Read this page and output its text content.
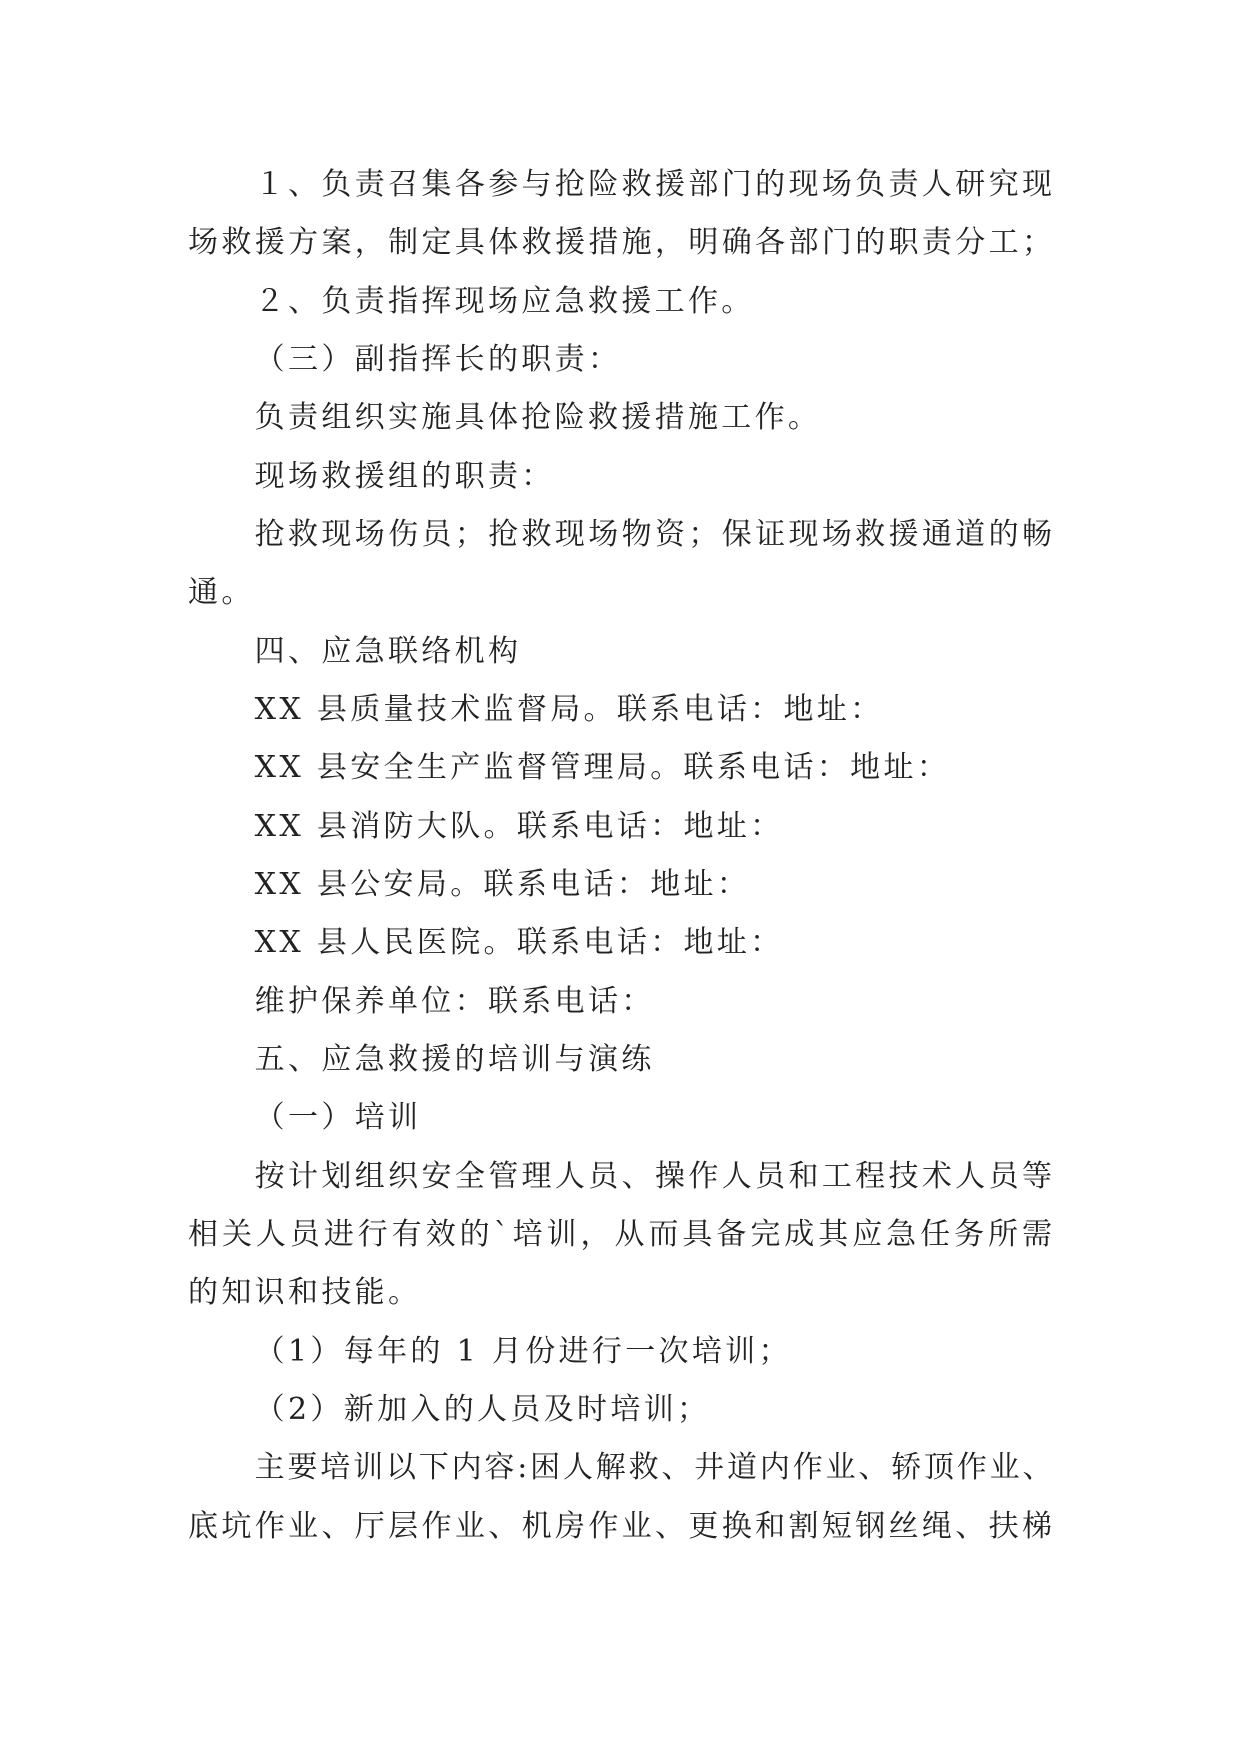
１、负责召集各参与抢险救援部门的现场负责人研究现
场救援方案，制定具体救援措施，明确各部门的职责分工；
２、负责指挥现场应急救援工作。
（三）副指挥长的职责：
负责组织实施具体抢险救援措施工作。
现场救援组的职责：
抢救现场伤员；抢救现场物资；保证现场救援通道的畅
通。
四、应急联络机构
XX 县质量技术监督局。联系电话：地址：
XX 县安全生产监督管理局。联系电话：地址：
XX 县消防大队。联系电话：地址：
XX 县公安局。联系电话：地址：
XX 县人民医院。联系电话：地址：
维护保养单位：联系电话：
五、应急救援的培训与演练
（一）培训
按计划组织安全管理人员、操作人员和工程技术人员等
相关人员进行有效的`培训，从而具备完成其应急任务所需
的知识和技能。
（1）每年的 1 月份进行一次培训；
（2）新加入的人员及时培训；
主要培训以下内容:困人解救、井道内作业、轿顶作业、
底坑作业、厅层作业、机房作业、更换和割短钢丝绳、扶梯
